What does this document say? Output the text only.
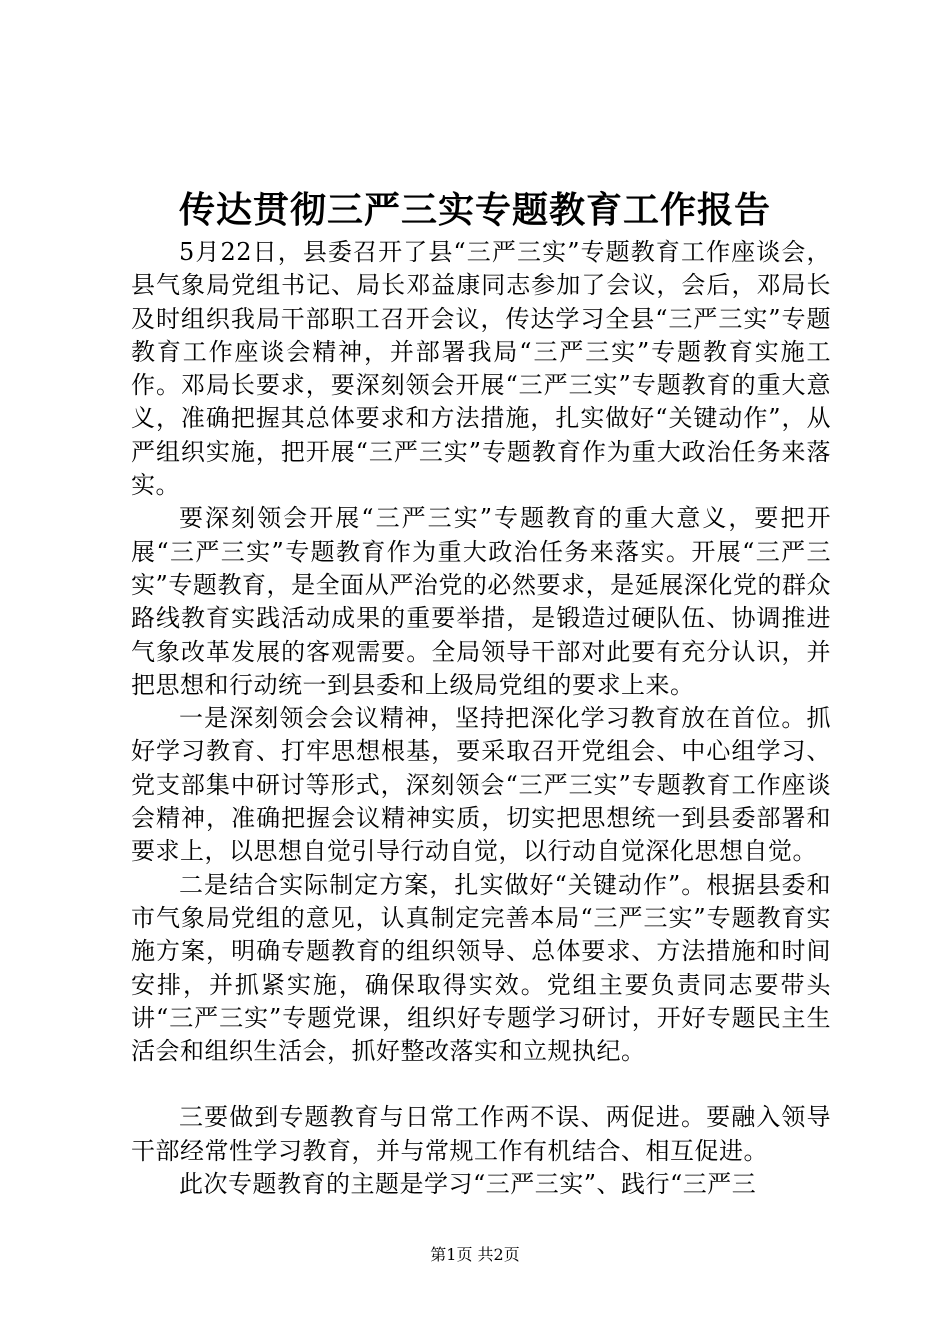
传达贯彻三严三实专题教育工作报告

5月22日，县委召开了县“三严三实”专题教育工作座谈会，县气象局党组书记、局长邓益康同志参加了会议，会后，邓局长及时组织我局干部职工召开会议，传达学习全县“三严三实”专题教育工作座谈会精神，并部署我局“三严三实”专题教育实施工作。邓局长要求，要深刻领会开展“三严三实”专题教育的重大意义，准确把握其总体要求和方法措施，扎实做好“关键动作”，从严组织实施，把开展“三严三实”专题教育作为重大政治任务来落实。

要深刻领会开展“三严三实”专题教育的重大意义，要把开展“三严三实”专题教育作为重大政治任务来落实。开展“三严三实”专题教育，是全面从严治党的必然要求，是延展深化党的群众路线教育实践活动成果的重要举措，是锻造过硬队伍、协调推进气象改革发展的客观需要。全局领导干部对此要有充分认识，并把思想和行动统一到县委和上级局党组的要求上来。

一是深刻领会会议精神，坚持把深化学习教育放在首位。抓好学习教育、打牢思想根基，要采取召开党组会、中心组学习、党支部集中研讨等形式，深刻领会“三严三实”专题教育工作座谈会精神，准确把握会议精神实质，切实把思想统一到县委部署和要求上，以思想自觉引导行动自觉，以行动自觉深化思想自觉。

二是结合实际制定方案，扎实做好“关键动作”。根据县委和市气象局党组的意见，认真制定完善本局“三严三实”专题教育实施方案，明确专题教育的组织领导、总体要求、方法措施和时间安排，并抓紧实施，确保取得实效。党组主要负责同志要带头讲“三严三实”专题党课，组织好专题学习研讨，开好专题民主生活会和组织生活会，抓好整改落实和立规执纪。

三要做到专题教育与日常工作两不误、两促进。要融入领导干部经常性学习教育，并与常规工作有机结合、相互促进。

此次专题教育的主题是学习“三严三实”、践行“三严三

第1页 共2页
